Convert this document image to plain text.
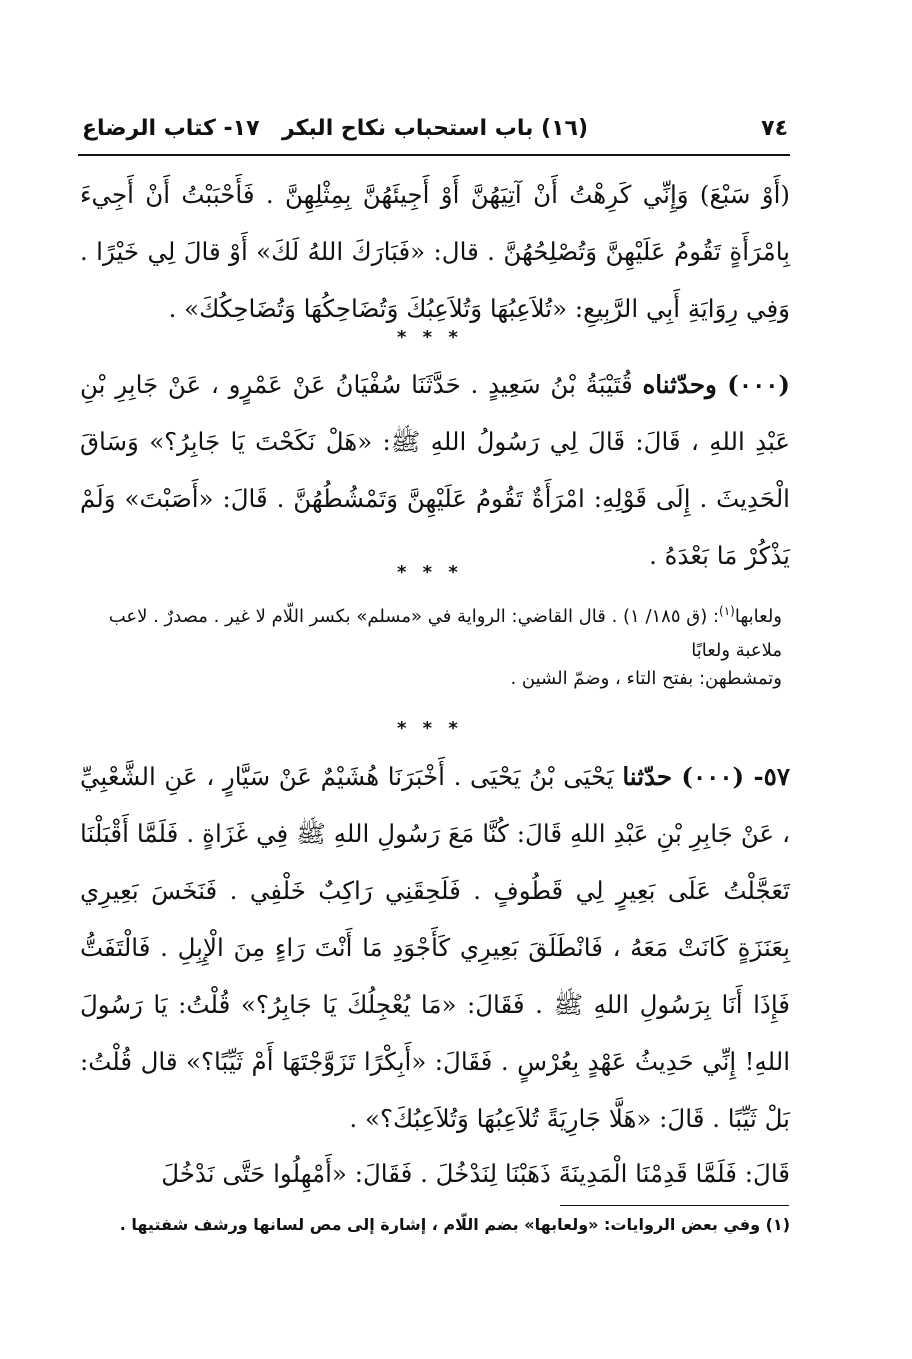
٧٤
(١٦) باب استحباب نكاح البكر
١٧- كتاب الرضاع

(أَوْ سَبْعَ) وَإِنِّي كَرِهْتُ أَنْ آتِيَهُنَّ أَوْ أَجِيئَهُنَّ بِمِثْلِهِنَّ . فَأَحْبَبْتُ أَنْ أَجِيءَ بِامْرَأَةٍ تَقُومُ عَلَيْهِنَّ وَتُصْلِحُهُنَّ . قال: «فَبَارَكَ اللهُ لَكَ» أَوْ قالَ لِي خَيْرًا . وَفِي رِوَايَةِ أَبِي الرَّبِيعِ: «تُلاَعِبُهَا وَتُلاَعِبُكَ وَتُضَاحِكُهَا وَتُضَاحِكُكَ» .

* * *

(٠٠٠) وحدّثناه قُتَيْبَةُ بْنُ سَعِيدٍ . حَدَّثَنَا سُفْيَانُ عَنْ عَمْرٍو ، عَنْ جَابِرِ بْنِ عَبْدِ اللهِ ، قَالَ: قَالَ لِي رَسُولُ اللهِ ﷺ: «هَلْ نَكَحْتَ يَا جَابِرُ؟» وَسَاقَ الْحَدِيثَ . إِلَى قَوْلِهِ: امْرَأَةٌ تَقُومُ عَلَيْهِنَّ وَتَمْشُطُهُنَّ . قَالَ: «أَصَبْتَ» وَلَمْ يَذْكُرْ مَا بَعْدَهُ .

* * *

ولعابها$^{(١)}$: (ق ١٨٥/ ١) . قال القاضي: الرواية في «مسلم» بكسر اللّام لا غير . مصدرٌ . لاعب ملاعبة ولعابًا

وتمشطهن: بفتح التاء ، وضمّ الشين .

* * *

٥٧- (٠٠٠) حدّثنا يَحْيَى بْنُ يَحْيَى . أَخْبَرَنَا هُشَيْمٌ عَنْ سَيَّارٍ ، عَنِ الشَّعْبِيِّ ، عَنْ جَابِرِ بْنِ عَبْدِ اللهِ قَالَ: كُنَّا مَعَ رَسُولِ اللهِ ﷺ فِي غَزَاةٍ . فَلَمَّا أَقْبَلْنَا تَعَجَّلْتُ عَلَى بَعِيرٍ لِي قَطُوفٍ . فَلَحِقَنِي رَاكِبٌ خَلْفِي . فَنَخَسَ بَعِيرِي بِعَنَزَةٍ كَانَتْ مَعَهُ ، فَانْطَلَقَ بَعِيرِي كَأَجْوَدِ مَا أَنْتَ رَاءٍ مِنَ الْإِبِلِ . فَالْتَفَتُّ فَإِذَا أَنَا بِرَسُولِ اللهِ ﷺ . فَقَالَ: «مَا يُعْجِلُكَ يَا جَابِرُ؟» قُلْتُ: يَا رَسُولَ اللهِ! إِنِّي حَدِيثُ عَهْدٍ بِعُرْسٍ . فَقَالَ: «أَبِكْرًا تَزَوَّجْتَهَا أَمْ ثَيِّبًا؟» قال قُلْتُ: بَلْ ثَيِّبًا . قَالَ: «هَلَّا جَارِيَةً تُلاَعِبُهَا وَتُلاَعِبُكَ؟» .

قَالَ: فَلَمَّا قَدِمْنَا الْمَدِينَةَ ذَهَبْنَا لِنَدْخُلَ . فَقَالَ: «أَمْهِلُوا حَتَّى نَدْخُلَ

(١) وفي بعض الروايات: «ولعابها» بضم اللّام ، إشارة إلى مص لسانها ورشف شفتيها .
